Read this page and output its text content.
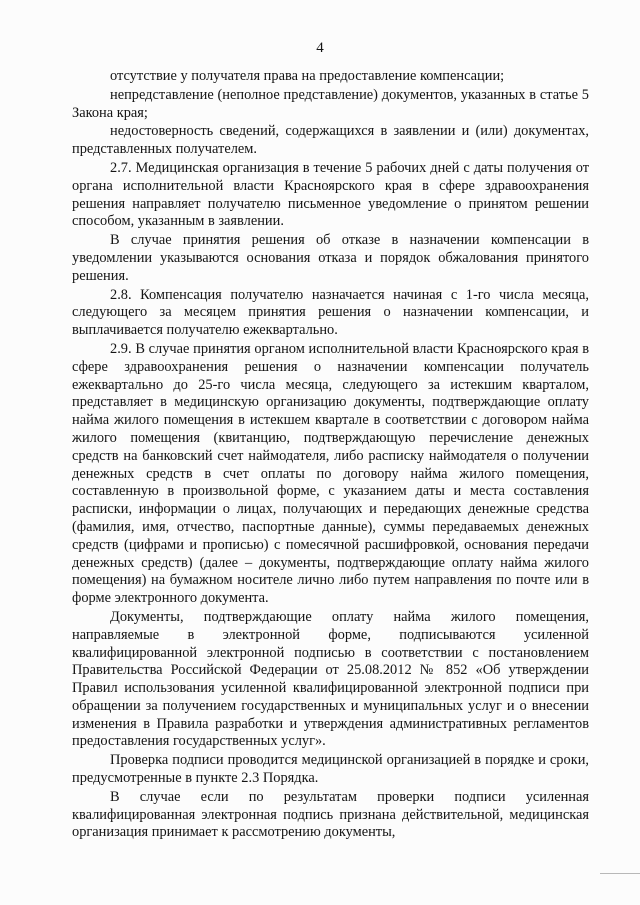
4

отсутствие у получателя права на предоставление компенсации;

непредставление (неполное представление) документов, указанных в статье 5 Закона края;

недостоверность сведений, содержащихся в заявлении и (или) документах, представленных получателем.

2.7. Медицинская организация в течение 5 рабочих дней с даты получения от органа исполнительной власти Красноярского края в сфере здравоохранения решения направляет получателю письменное уведомление о принятом решении способом, указанным в заявлении.

В случае принятия решения об отказе в назначении компенсации в уведомлении указываются основания отказа и порядок обжалования принятого решения.

2.8. Компенсация получателю назначается начиная с 1-го числа месяца, следующего за месяцем принятия решения о назначении компенсации, и выплачивается получателю ежеквартально.

2.9. В случае принятия органом исполнительной власти Красноярского края в сфере здравоохранения решения о назначении компенсации получатель ежеквартально до 25-го числа месяца, следующего за истекшим кварталом, представляет в медицинскую организацию документы, подтверждающие оплату найма жилого помещения в истекшем квартале в соответствии с договором найма жилого помещения (квитанцию, подтверждающую перечисление денежных средств на банковский счет наймодателя, либо расписку наймодателя о получении денежных средств в счет оплаты по договору найма жилого помещения, составленную в произвольной форме, с указанием даты и места составления расписки, информации о лицах, получающих и передающих денежные средства (фамилия, имя, отчество, паспортные данные), суммы передаваемых денежных средств (цифрами и прописью) с помесячной расшифровкой, основания передачи денежных средств) (далее – документы, подтверждающие оплату найма жилого помещения) на бумажном носителе лично либо путем направления по почте или в форме электронного документа.

Документы, подтверждающие оплату найма жилого помещения, направляемые в электронной форме, подписываются усиленной квалифицированной электронной подписью в соответствии с постановлением Правительства Российской Федерации от 25.08.2012 № 852 «Об утверждении Правил использования усиленной квалифицированной электронной подписи при обращении за получением государственных и муниципальных услуг и о внесении изменения в Правила разработки и утверждения административных регламентов предоставления государственных услуг».

Проверка подписи проводится медицинской организацией в порядке и сроки, предусмотренные в пункте 2.3 Порядка.

В случае если по результатам проверки подписи усиленная квалифицированная электронная подпись признана действительной, медицинская организация принимает к рассмотрению документы,
